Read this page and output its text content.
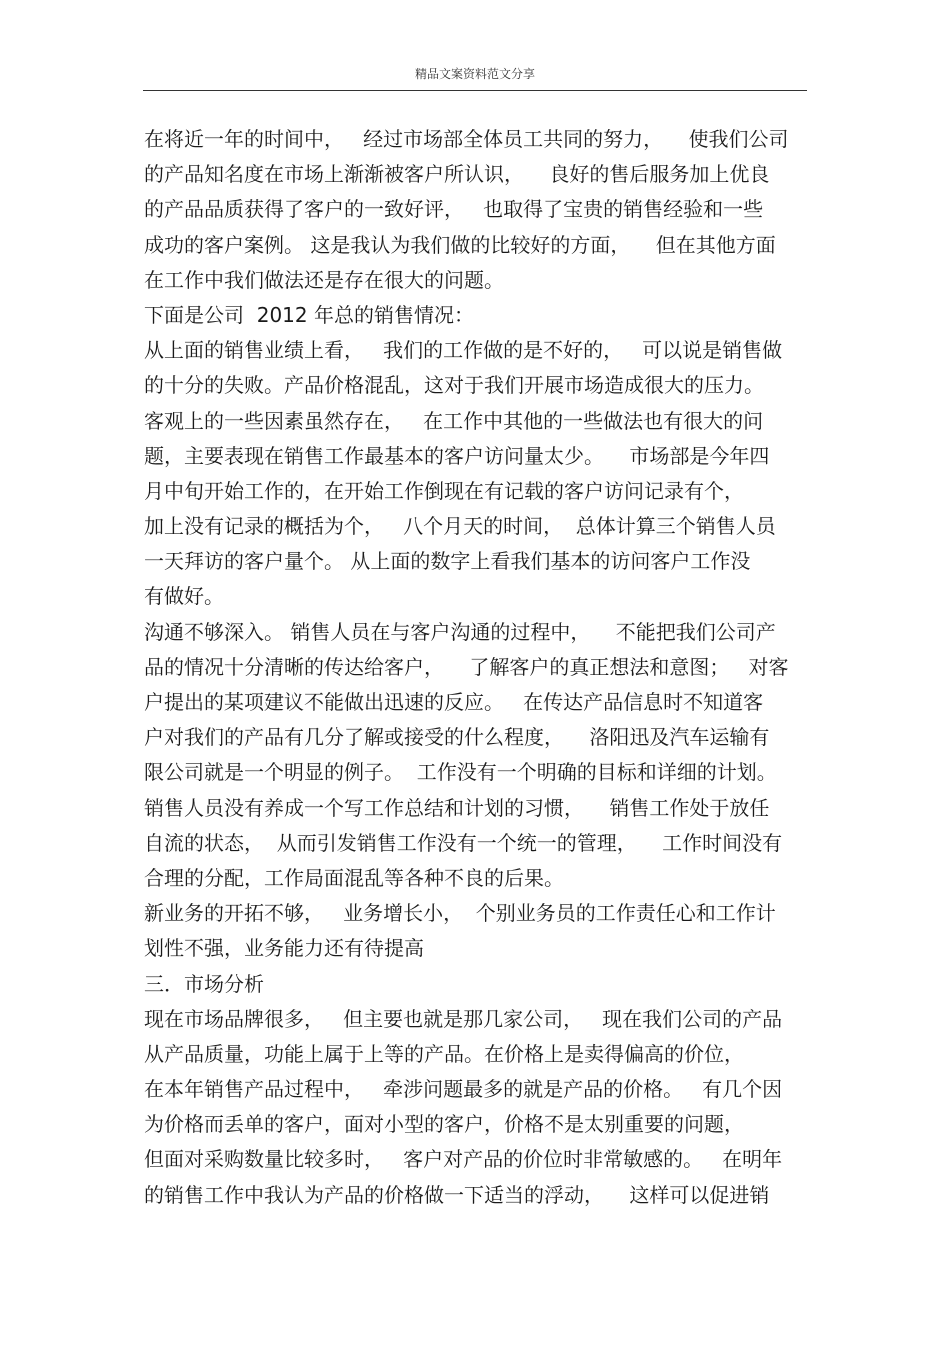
精品文案资料范文分享
在将近一年的时间中，   经过市场部全体员工共同的努力，    使我们公司
的产品知名度在市场上渐渐被客户所认识，    良好的售后服务加上优良
的产品品质获得了客户的一致好评，   也取得了宝贵的销售经验和一些
成功的客户案例。 这是我认为我们做的比较好的方面，    但在其他方面
在工作中我们做法还是存在很大的问题。
下面是公司  2012 年总的销售情况：
从上面的销售业绩上看，   我们的工作做的是不好的，   可以说是销售做
的十分的失败。产品价格混乱，这对于我们开展市场造成很大的压力。
客观上的一些因素虽然存在，   在工作中其他的一些做法也有很大的问
题，主要表现在销售工作最基本的客户访问量太少。    市场部是今年四
月中旬开始工作的，在开始工作倒现在有记载的客户访问记录有个，
加上没有记录的概括为个，   八个月天的时间，  总体计算三个销售人员
一天拜访的客户量个。 从上面的数字上看我们基本的访问客户工作没
有做好。
沟通不够深入。 销售人员在与客户沟通的过程中，    不能把我们公司产
品的情况十分清晰的传达给客户，    了解客户的真正想法和意图；   对客
户提出的某项建议不能做出迅速的反应。   在传达产品信息时不知道客
户对我们的产品有几分了解或接受的什么程度，    洛阳迅及汽车运输有
限公司就是一个明显的例子。  工作没有一个明确的目标和详细的计划。
销售人员没有养成一个写工作总结和计划的习惯，    销售工作处于放任
自流的状态，  从而引发销售工作没有一个统一的管理，    工作时间没有
合理的分配，工作局面混乱等各种不良的后果。
新业务的开拓不够，   业务增长小，  个别业务员的工作责任心和工作计
划性不强，业务能力还有待提高
三．市场分析
现在市场品牌很多，   但主要也就是那几家公司，   现在我们公司的产品
从产品质量，功能上属于上等的产品。在价格上是卖得偏高的价位，
在本年销售产品过程中，   牵涉问题最多的就是产品的价格。   有几个因
为价格而丢单的客户，面对小型的客户，价格不是太别重要的问题，
但面对采购数量比较多时，   客户对产品的价位时非常敏感的。   在明年
的销售工作中我认为产品的价格做一下适当的浮动，    这样可以促进销
